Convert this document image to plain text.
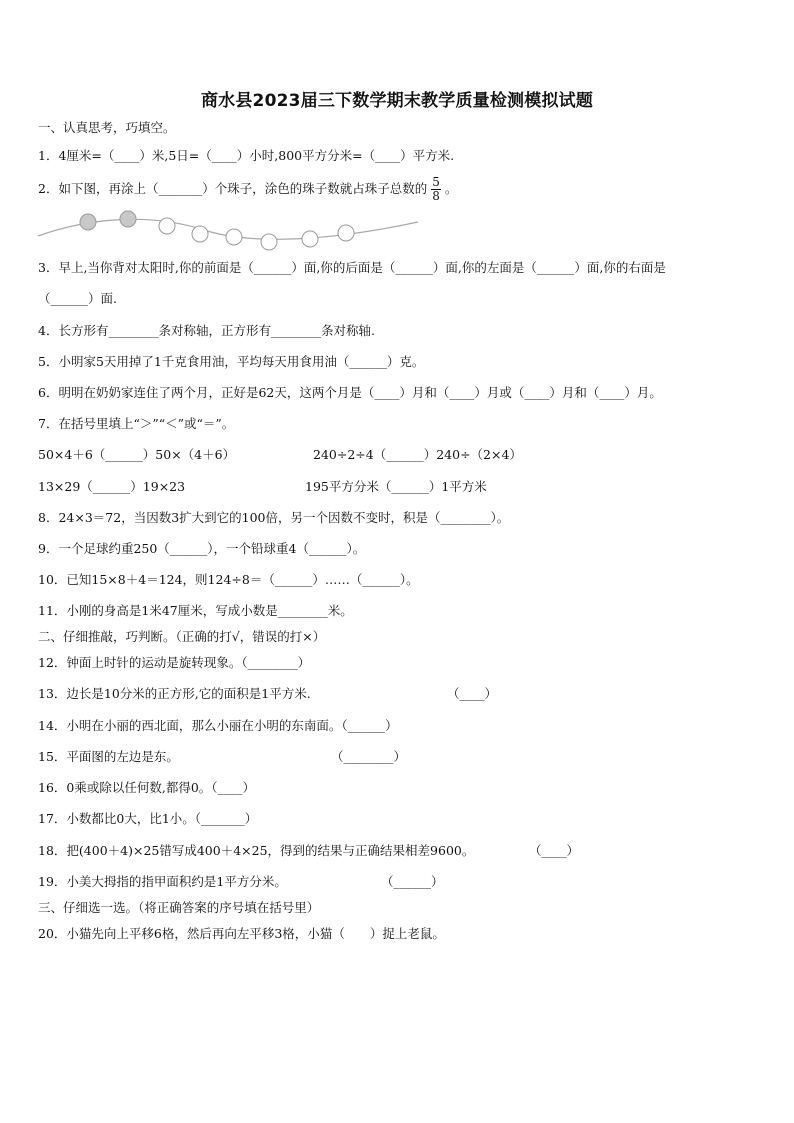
商水县2023届三下数学期末教学质量检测模拟试题
一、认真思考，巧填空。
1．4厘米=（____）米,5日=（____）小时,800平方分米=（____）平方米.
2．如下图，再涂上（_______）个珠子，涂色的珠子数就占珠子总数的 $\frac{5}{8}$ 。
3．早上,当你背对太阳时,你的前面是（______）面,你的后面是（______）面,你的左面是（______）面,你的右面是
（______）面.
4．长方形有________条对称轴，正方形有________条对称轴.
5．小明家5天用掉了1千克食用油，平均每天用食用油（______）克。
6．明明在奶奶家连住了两个月，正好是62天，这两个月是（____）月和（____）月或（____）月和（____）月。
7．在括号里填上“＞”“＜”或“＝”。
50×4＋6（______）50×（4＋6）	240÷2÷4（______）240÷（2×4）
13×29（______）19×23	195平方分米（______）1平方米
8．24×3＝72，当因数3扩大到它的100倍，另一个因数不变时，积是（________）。
9．一个足球约重250（______），一个铅球重4（______）。
10．已知15×8＋4＝124，则124÷8＝（______）……（______）。
11．小刚的身高是1米47厘米，写成小数是________米。
二、仔细推敲，巧判断。（正确的打√，错误的打×）
12．钟面上时针的运动是旋转现象。（________）
13．边长是10分米的正方形,它的面积是1平方米.	（____）
14．小明在小丽的西北面，那么小丽在小明的东南面。（______）
15．平面图的左边是东。	（________）
16．0乘或除以任何数,都得0。（____）
17．小数都比0大，比1小。（_______）
18．把(400＋4)×25错写成400＋4×25，得到的结果与正确结果相差9600。	（____）
19．小美大拇指的指甲面积约是1平方分米。	（______）
三、仔细选一选。（将正确答案的序号填在括号里）
20．小猫先向上平移6格，然后再向左平移3格，小猫（　　）捉上老鼠。
